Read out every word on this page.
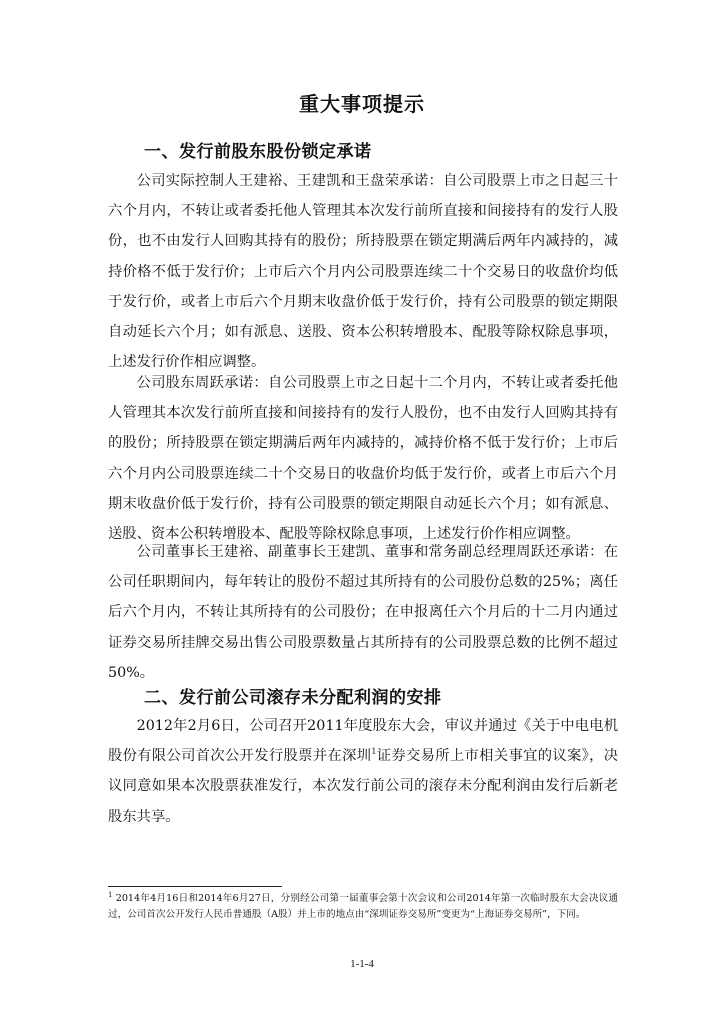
重大事项提示
一、发行前股东股份锁定承诺

公司实际控制人王建裕、王建凯和王盘荣承诺：自公司股票上市之日起三十六个月内，不转让或者委托他人管理其本次发行前所直接和间接持有的发行人股份，也不由发行人回购其持有的股份；所持股票在锁定期满后两年内减持的，减持价格不低于发行价；上市后六个月内公司股票连续二十个交易日的收盘价均低于发行价，或者上市后六个月期末收盘价低于发行价，持有公司股票的锁定期限自动延长六个月；如有派息、送股、资本公积转增股本、配股等除权除息事项，上述发行价作相应调整。

公司股东周跃承诺：自公司股票上市之日起十二个月内，不转让或者委托他人管理其本次发行前所直接和间接持有的发行人股份，也不由发行人回购其持有的股份；所持股票在锁定期满后两年内减持的，减持价格不低于发行价；上市后六个月内公司股票连续二十个交易日的收盘价均低于发行价，或者上市后六个月期末收盘价低于发行价，持有公司股票的锁定期限自动延长六个月；如有派息、送股、资本公积转增股本、配股等除权除息事项，上述发行价作相应调整。

公司董事长王建裕、副董事长王建凯、董事和常务副总经理周跃还承诺：在公司任职期间内，每年转让的股份不超过其所持有的公司股份总数的25%；离任后六个月内，不转让其所持有的公司股份；在申报离任六个月后的十二月内通过证券交易所挂牌交易出售公司股票数量占其所持有的公司股票总数的比例不超过50%。

二、发行前公司滚存未分配利润的安排

2012年2月6日，公司召开2011年度股东大会，审议并通过《关于中电电机股份有限公司首次公开发行股票并在深圳$^1$证券交易所上市相关事宜的议案》，决议同意如果本次股票获准发行，本次发行前公司的滚存未分配利润由发行后新老股东共享。

$^1$ 2014年4月16日和2014年6月27日，分别经公司第一届董事会第十次会议和公司2014年第一次临时股东大会决议通过，公司首次公开发行人民币普通股（A股）并上市的地点由“深圳证券交易所”变更为“上海证券交易所”，下同。

1-1-4
